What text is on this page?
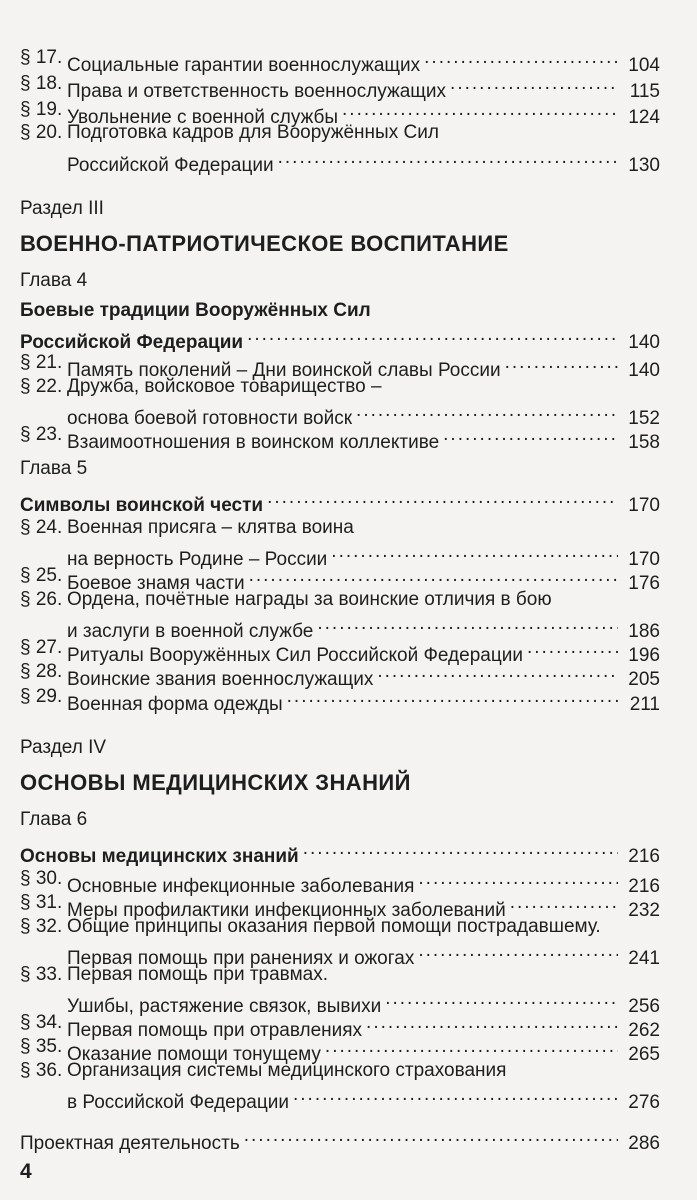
§ 17. Социальные гарантии военнослужащих .....	104
§ 18. Права и ответственность военнослужащих .....	115
§ 19. Увольнение с военной службы .....	124
§ 20. Подготовка кадров для Вооружённых Сил
Российской Федерации .....	130
Раздел III
ВОЕННО-ПАТРИОТИЧЕСКОЕ ВОСПИТАНИЕ
Глава 4
Боевые традиции Вооружённых Сил
Российской Федерации .....	140
§ 21. Память поколений – Дни воинской славы России .....	140
§ 22. Дружба, войсковое товарищество –
основа боевой готовности войск .....	152
§ 23. Взаимоотношения в воинском коллективе .....	158
Глава 5
Символы воинской чести .....	170
§ 24. Военная присяга – клятва воина
на верность Родине – России .....	170
§ 25. Боевое знамя части .....	176
§ 26. Ордена, почётные награды за воинские отличия в бою
и заслуги в военной службе .....	186
§ 27. Ритуалы Вооружённых Сил Российской Федерации .....	196
§ 28. Воинские звания военнослужащих .....	205
§ 29. Военная форма одежды .....	211
Раздел IV
ОСНОВЫ МЕДИЦИНСКИХ ЗНАНИЙ
Глава 6
Основы медицинских знаний .....	216
§ 30. Основные инфекционные заболевания .....	216
§ 31. Меры профилактики инфекционных заболеваний .....	232
§ 32. Общие принципы оказания первой помощи пострадавшему.
Первая помощь при ранениях и ожогах .....	241
§ 33. Первая помощь при травмах.
Ушибы, растяжение связок, вывихи .....	256
§ 34. Первая помощь при отравлениях .....	262
§ 35. Оказание помощи тонущему .....	265
§ 36. Организация системы медицинского страхования
в Российской Федерации .....	276
Проектная деятельность .....	286
4
